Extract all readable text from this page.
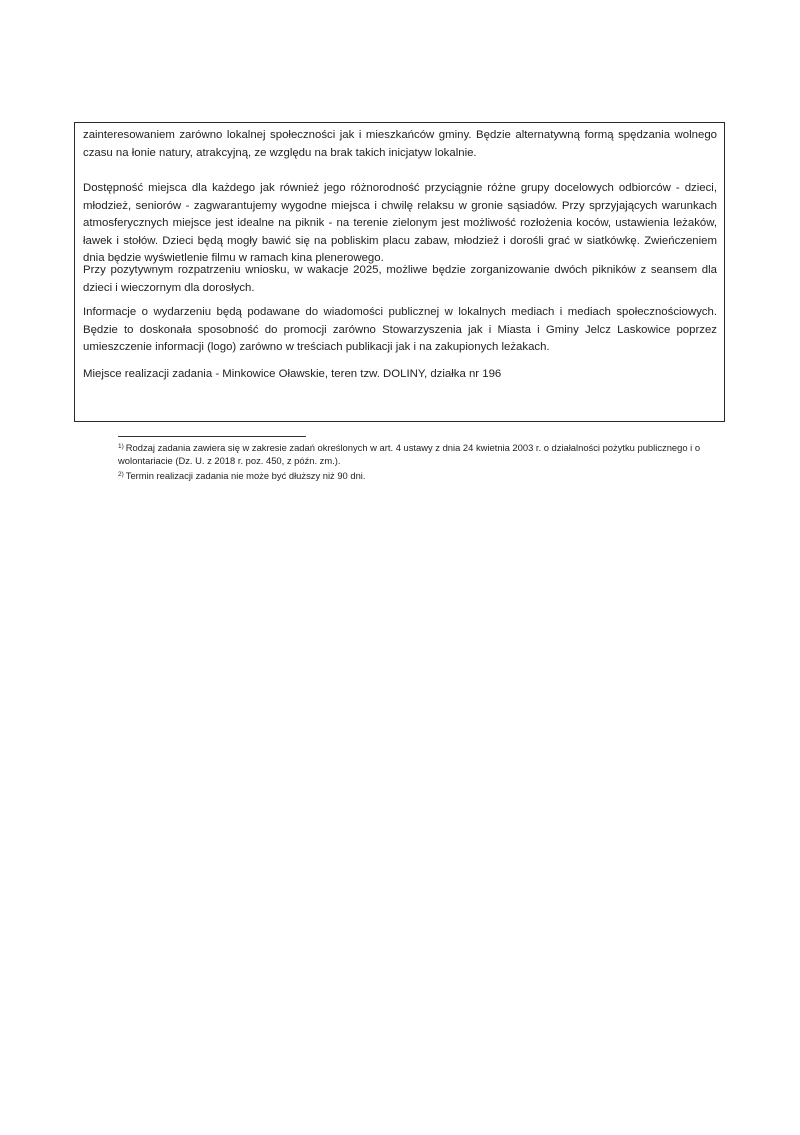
zainteresowaniem zarówno lokalnej społeczności jak i mieszkańców gminy. Będzie alternatywną formą spędzania wolnego czasu na łonie natury, atrakcyjną, ze względu na brak takich inicjatyw lokalnie.

Dostępność miejsca dla każdego jak również jego różnorodność przyciągnie różne grupy docelowych odbiorców - dzieci, młodzież, seniorów - zagwarantujemy wygodne miejsca i chwilę relaksu w gronie sąsiadów. Przy sprzyjających warunkach atmosferycznych miejsce jest idealne na piknik - na terenie zielonym jest możliwość rozłożenia koców, ustawienia leżaków, ławek i stołów. Dzieci będą mogły bawić się na pobliskim placu zabaw, młodzież i dorośli grać w siatkówkę. Zwieńczeniem dnia będzie wyświetlenie filmu w ramach kina plenerowego.

Przy pozytywnym rozpatrzeniu wniosku, w wakacje 2025, możliwe będzie zorganizowanie dwóch pikników z seansem dla dzieci i wieczornym dla dorosłych.

Informacje o wydarzeniu będą podawane do wiadomości publicznej w lokalnych mediach i mediach społecznościowych. Będzie to doskonała sposobność do promocji zarówno Stowarzyszenia jak i Miasta i Gminy Jelcz Laskowice poprzez umieszczenie informacji (logo) zarówno w treściach publikacji jak i na zakupionych leżakach.

Miejsce realizacji zadania - Minkowice Oławskie, teren tzw. DOLINY, działka nr 196

$^{1)}$ Rodzaj zadania zawiera się w zakresie zadań określonych w art. 4 ustawy z dnia 24 kwietnia 2003 r. o działalności pożytku publicznego i o wolontariacie (Dz. U. z 2018 r. poz. 450, z późn. zm.).

$^{2)}$ Termin realizacji zadania nie może być dłuższy niż 90 dni.
